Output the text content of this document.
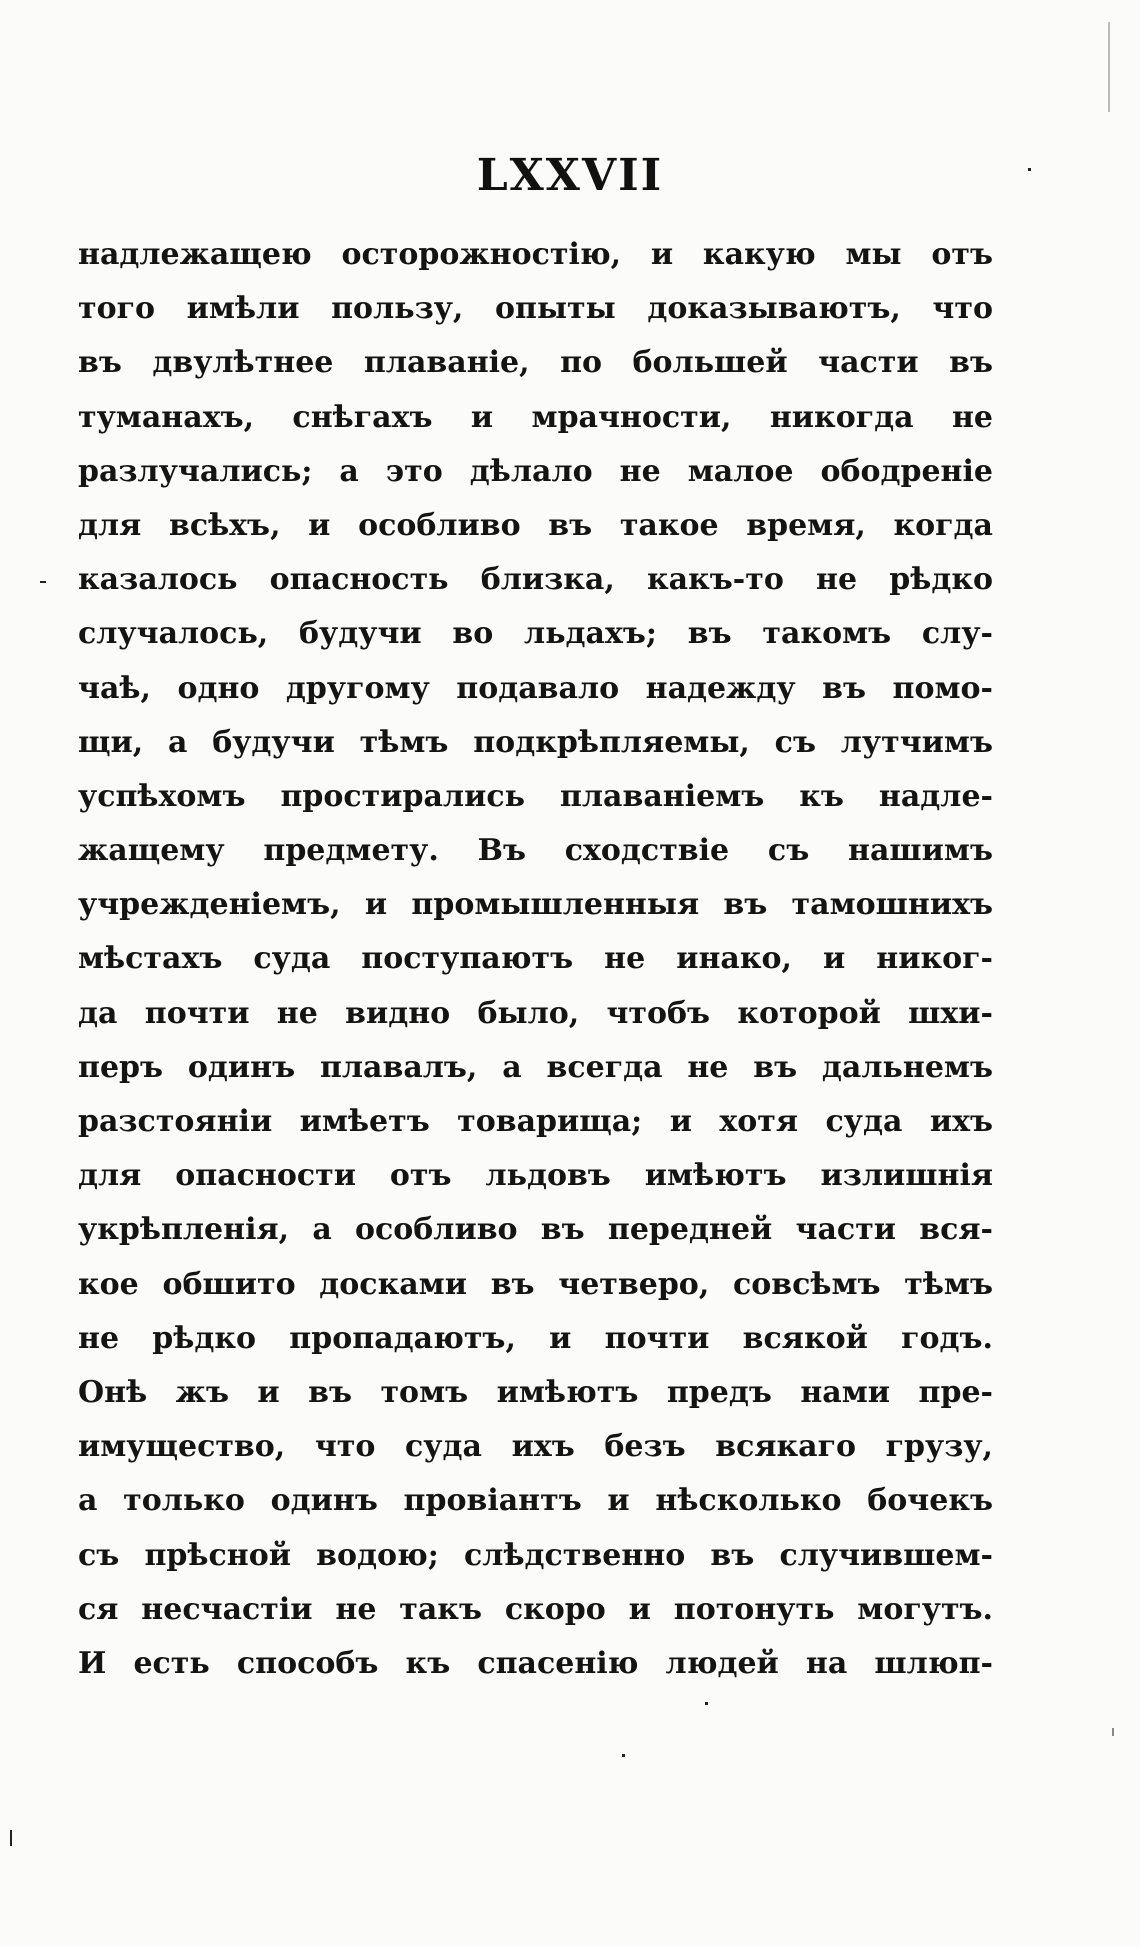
LXXVII
надлежащею осторожностію, и какую мы отъ
того имѣли пользу, опыты доказываютъ, что
въ двулѣтнее плаваніе, по большей части въ
туманахъ, снѣгахъ и мрачности, никогда не
разлучались; а это дѣлало не малое ободреніе
для всѣхъ, и особливо въ такое время, когда
казалось опасность близка, какъ-то не рѣдко
случалось, будучи во льдахъ; въ такомъ слу-
чаѣ, одно другому подавало надежду въ помо-
щи, а будучи тѣмъ подкрѣпляемы, съ лутчимъ
успѣхомъ простирались плаваніемъ къ надле-
жащему предмету. Въ сходствіе съ нашимъ
учрежденіемъ, и промышленныя въ тамошнихъ
мѣстахъ суда поступаютъ не инако, и никог-
да почти не видно было, чтобъ которой шхи-
перъ одинъ плавалъ, а всегда не въ дальнемъ
разстояніи имѣетъ товарища; и хотя суда ихъ
для опасности отъ льдовъ имѣютъ излишнія
укрѣпленія, а особливо въ передней части вся-
кое обшито досками въ четверо, совсѣмъ тѣмъ
не рѣдко пропадаютъ, и почти всякой годъ.
Онѣ жъ и въ томъ имѣютъ предъ нами пре-
имущество, что суда ихъ безъ всякаго грузу,
а только одинъ провіантъ и нѣсколько бочекъ
съ прѣсной водою; слѣдственно въ случившем-
ся несчастіи не такъ скоро и потонуть могутъ.
И есть способъ къ спасенію людей на шлюп-
